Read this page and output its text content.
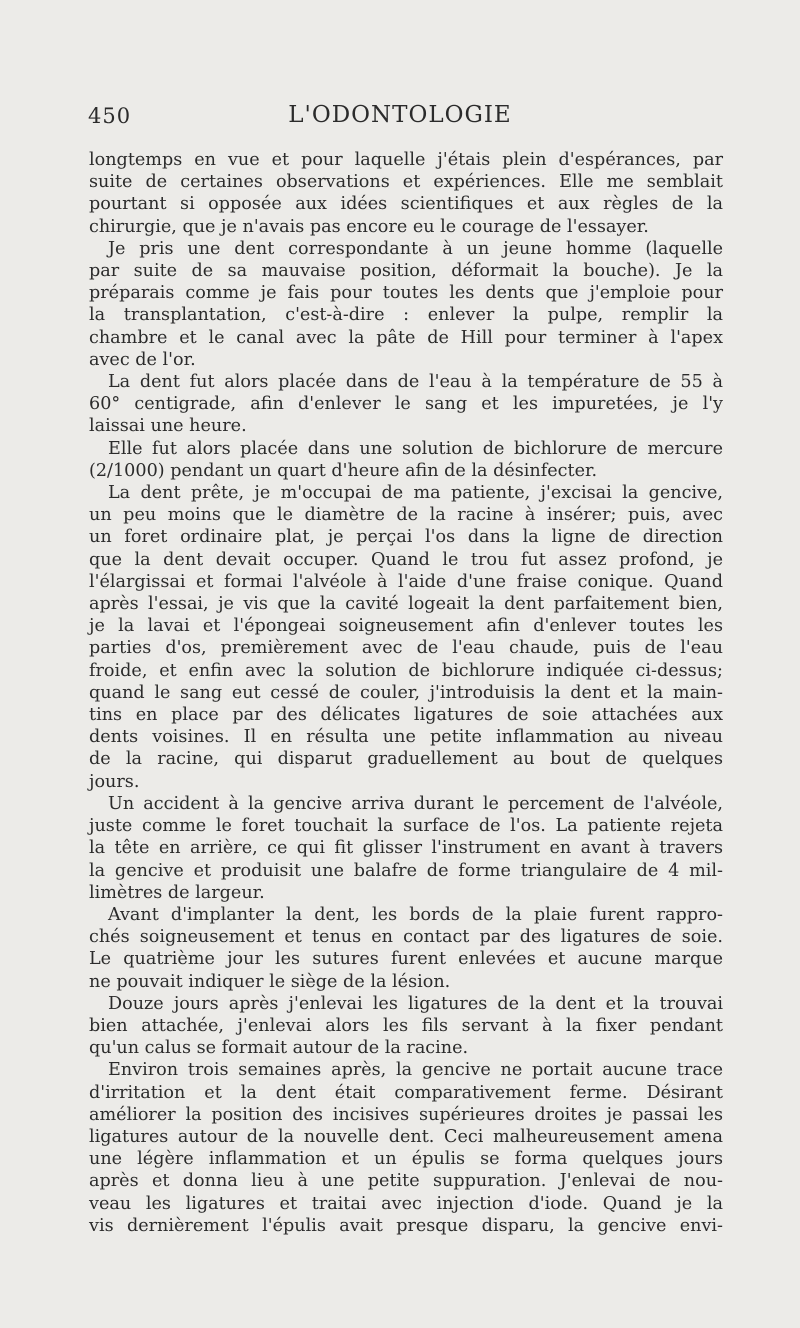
450	L'ODONTOLOGIE

longtemps en vue et pour laquelle j'étais plein d'espérances, par

suite de certaines observations et expériences. Elle me semblait

pourtant si opposée aux idées scientifiques et aux règles de la

chirurgie, que je n'avais pas encore eu le courage de l'essayer.

Je pris une dent correspondante à un jeune homme (laquelle

par suite de sa mauvaise position, déformait la bouche). Je la

préparais comme je fais pour toutes les dents que j'emploie pour

la transplantation, c'est-à-dire : enlever la pulpe, remplir la

chambre et le canal avec la pâte de Hill pour terminer à l'apex

avec de l'or.

La dent fut alors placée dans de l'eau à la température de 55 à

60° centigrade, afin d'enlever le sang et les impuretées, je l'y

laissai une heure.

Elle fut alors placée dans une solution de bichlorure de mercure

(2/1000) pendant un quart d'heure afin de la désinfecter.

La dent prête, je m'occupai de ma patiente, j'excisai la gencive,

un peu moins que le diamètre de la racine à insérer; puis, avec

un foret ordinaire plat, je perçai l'os dans la ligne de direction

que la dent devait occuper. Quand le trou fut assez profond, je

l'élargissai et formai l'alvéole à l'aide d'une fraise conique. Quand

après l'essai, je vis que la cavité logeait la dent parfaitement bien,

je la lavai et l'épongeai soigneusement afin d'enlever toutes les

parties d'os, premièrement avec de l'eau chaude, puis de l'eau

froide, et enfin avec la solution de bichlorure indiquée ci-dessus;

quand le sang eut cessé de couler, j'introduisis la dent et la main-

tins en place par des délicates ligatures de soie attachées aux

dents voisines. Il en résulta une petite inflammation au niveau

de la racine, qui disparut graduellement au bout de quelques

jours.

Un accident à la gencive arriva durant le percement de l'alvéole,

juste comme le foret touchait la surface de l'os. La patiente rejeta

la tête en arrière, ce qui fit glisser l'instrument en avant à travers

la gencive et produisit une balafre de forme triangulaire de 4 mil-

limètres de largeur.

Avant d'implanter la dent, les bords de la plaie furent rappro-

chés soigneusement et tenus en contact par des ligatures de soie.

Le quatrième jour les sutures furent enlevées et aucune marque

ne pouvait indiquer le siège de la lésion.

Douze jours après j'enlevai les ligatures de la dent et la trouvai

bien attachée, j'enlevai alors les fils servant à la fixer pendant

qu'un calus se formait autour de la racine.

Environ trois semaines après, la gencive ne portait aucune trace

d'irritation et la dent était comparativement ferme. Désirant

améliorer la position des incisives supérieures droites je passai les

ligatures autour de la nouvelle dent. Ceci malheureusement amena

une légère inflammation et un épulis se forma quelques jours

après et donna lieu à une petite suppuration. J'enlevai de nou-

veau les ligatures et traitai avec injection d'iode. Quand je la

vis dernièrement l'épulis avait presque disparu, la gencive envi-
